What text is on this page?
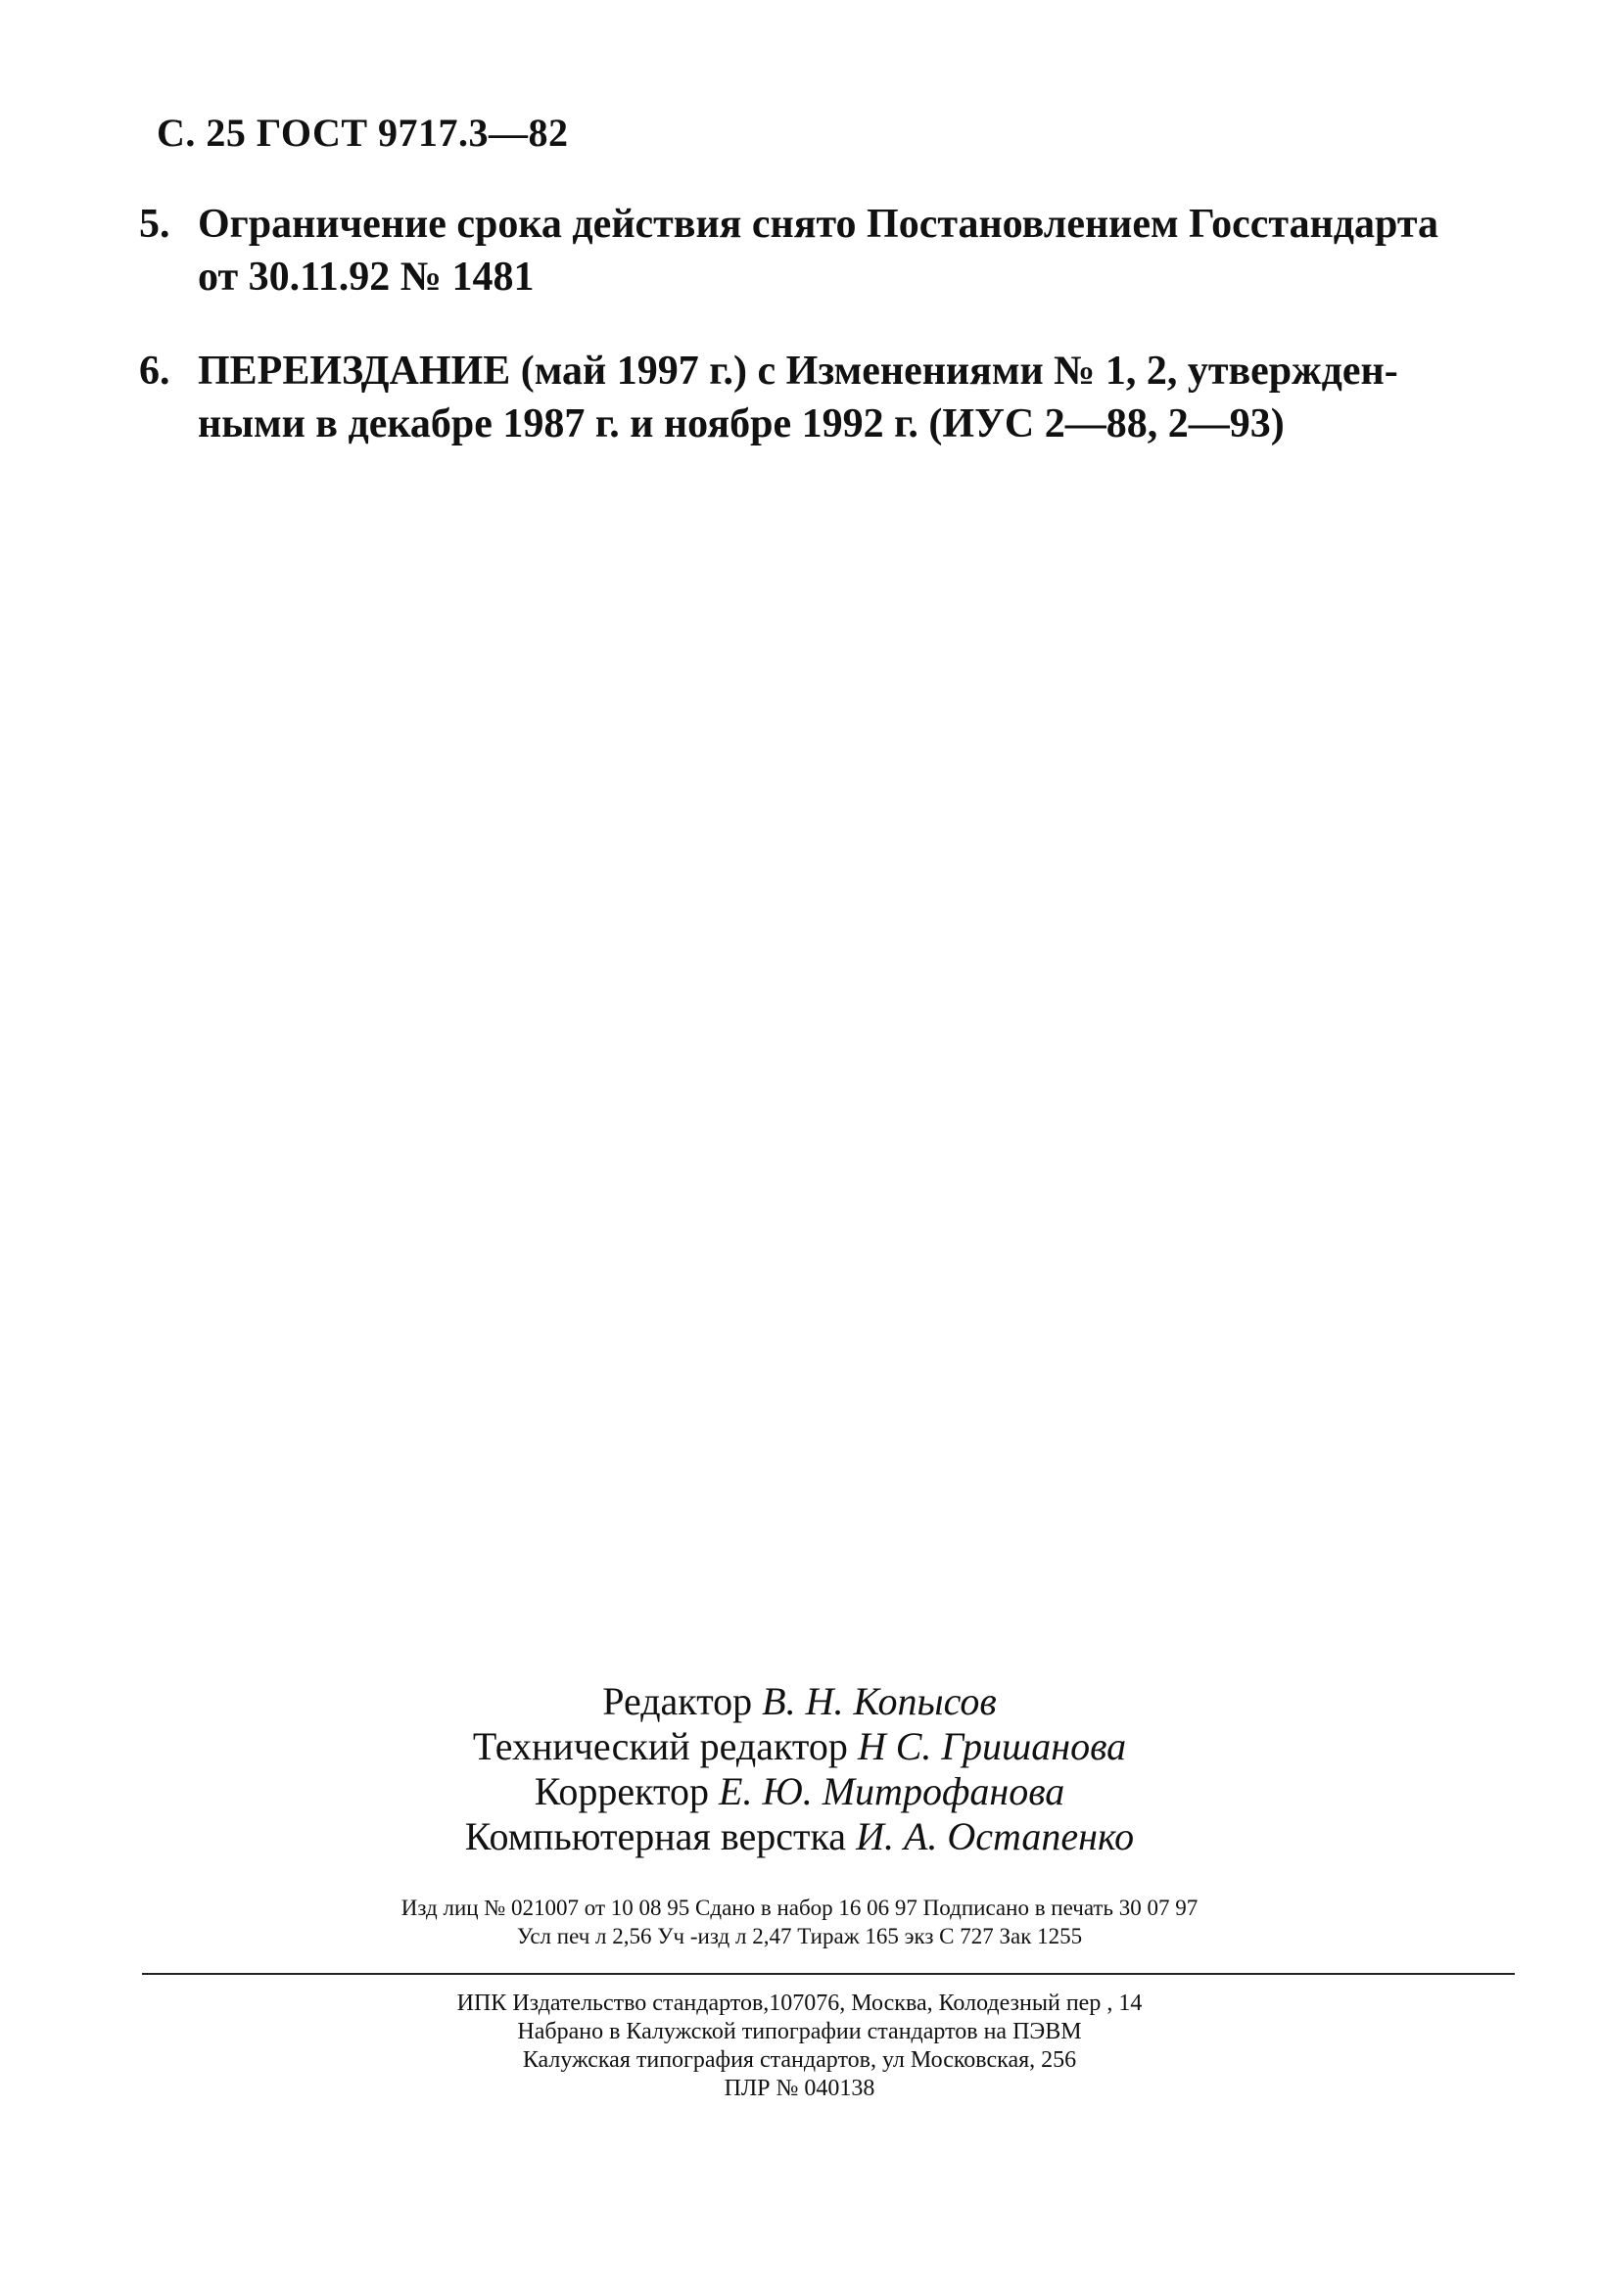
С. 25 ГОСТ 9717.3—82
5. Ограничение срока действия снято Постановлением Госстандарта
от 30.11.92 № 1481
6. ПЕРЕИЗДАНИЕ (май 1997 г.) с Изменениями № 1, 2, утвержден-
ными в декабре 1987 г. и ноябре 1992 г. (ИУС 2—88, 2—93)
Редактор В. Н. Копысов
Технический редактор Н С. Гришанова
Корректор Е. Ю. Митрофанова
Компьютерная верстка И. А. Остапенко
Изд лиц № 021007 от 10 08 95 Сдано в набор 16 06 97 Подписано в печать 30 07 97
Усл печ л 2,56 Уч -изд л 2,47 Тираж 165 экз С 727 Зак 1255
ИПК Издательство стандартов,107076, Москва, Колодезный пер , 14
Набрано в Калужской типографии стандартов на ПЭВМ
Калужская типография стандартов, ул Московская, 256
ПЛР № 040138
